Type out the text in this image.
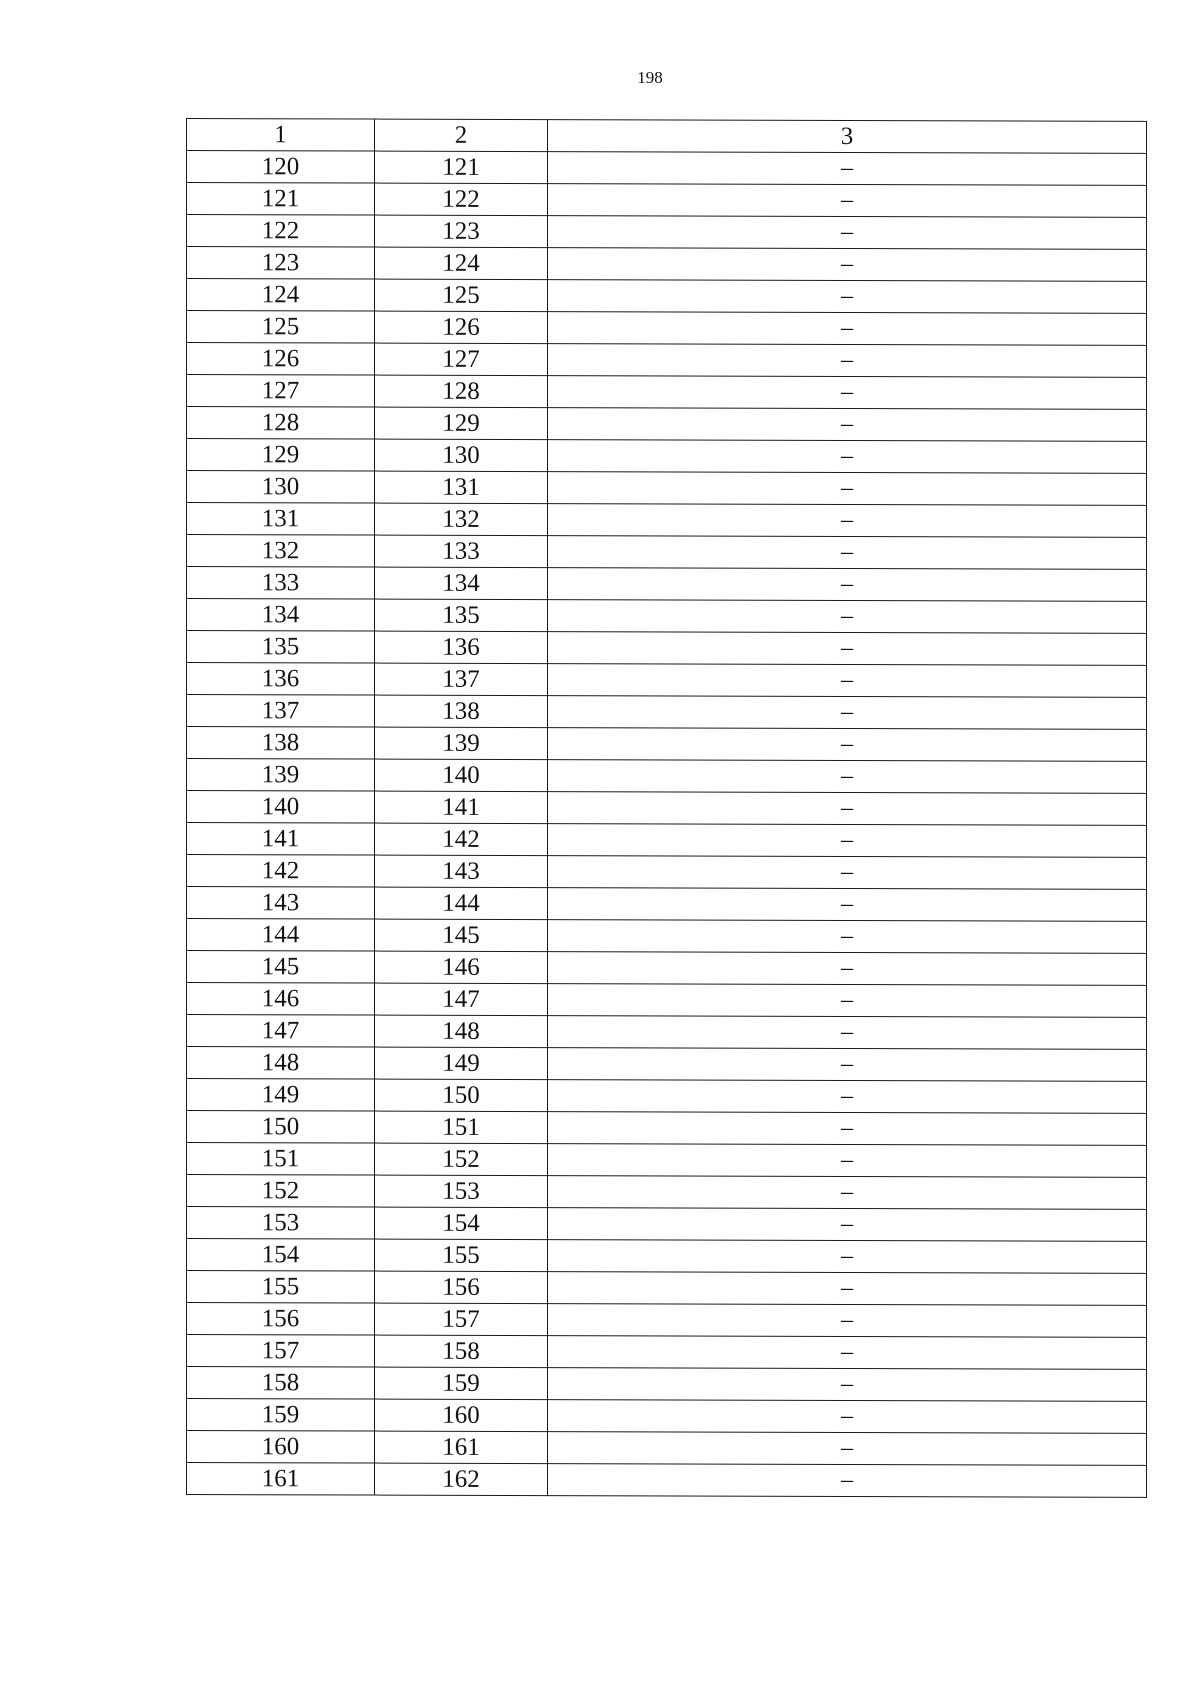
198
1	2	3
120	121	–
121	122	–
122	123	–
123	124	–
124	125	–
125	126	–
126	127	–
127	128	–
128	129	–
129	130	–
130	131	–
131	132	–
132	133	–
133	134	–
134	135	–
135	136	–
136	137	–
137	138	–
138	139	–
139	140	–
140	141	–
141	142	–
142	143	–
143	144	–
144	145	–
145	146	–
146	147	–
147	148	–
148	149	–
149	150	–
150	151	–
151	152	–
152	153	–
153	154	–
154	155	–
155	156	–
156	157	–
157	158	–
158	159	–
159	160	–
160	161	–
161	162	–
